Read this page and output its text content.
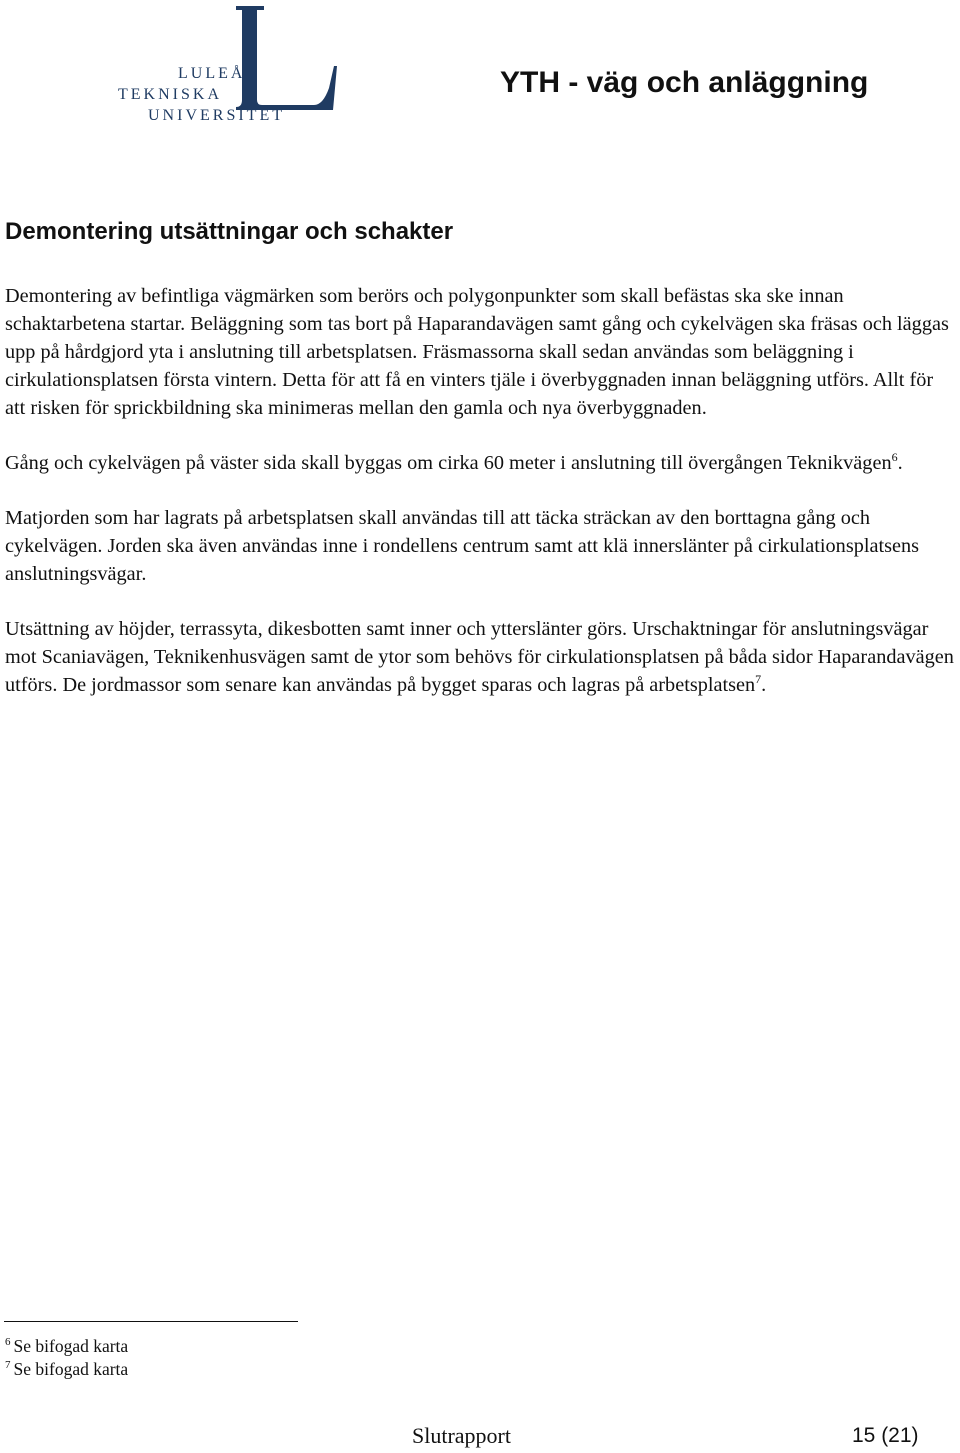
LULEÅ
TEKNISKA
UNIVERSITET
YTH - väg och anläggning
Demontering utsättningar och schakter

Demontering av befintliga vägmärken som berörs och polygonpunkter som skall befästas ska ske innan schaktarbetena startar. Beläggning som tas bort på Haparandavägen samt gång och cykelvägen ska fräsas och läggas upp på hårdgjord yta i anslutning till arbetsplatsen. Fräsmassorna skall sedan användas som beläggning i cirkulationsplatsen första vintern. Detta för att få en vinters tjäle i överbyggnaden innan beläggning utförs. Allt för att risken för sprickbildning ska minimeras mellan den gamla och nya överbyggnaden.

Gång och cykelvägen på väster sida skall byggas om cirka 60 meter i anslutning till övergången Teknikvägen$^6$.

Matjorden som har lagrats på arbetsplatsen skall användas till att täcka sträckan av den borttagna gång och cykelvägen. Jorden ska även användas inne i rondellens centrum samt att klä innerslänter på cirkulationsplatsens anslutningsvägar.

Utsättning av höjder, terrassyta, dikesbotten samt inner och ytterslänter görs. Urschaktningar för anslutningsvägar mot Scaniavägen, Teknikenhusvägen samt de ytor som behövs för cirkulationsplatsen på båda sidor Haparandavägen utförs. De jordmassor som senare kan användas på bygget sparas och lagras på arbetsplatsen$^7$.

$^6$ Se bifogad karta
$^7$ Se bifogad karta
Slutrapport	15 (21)
